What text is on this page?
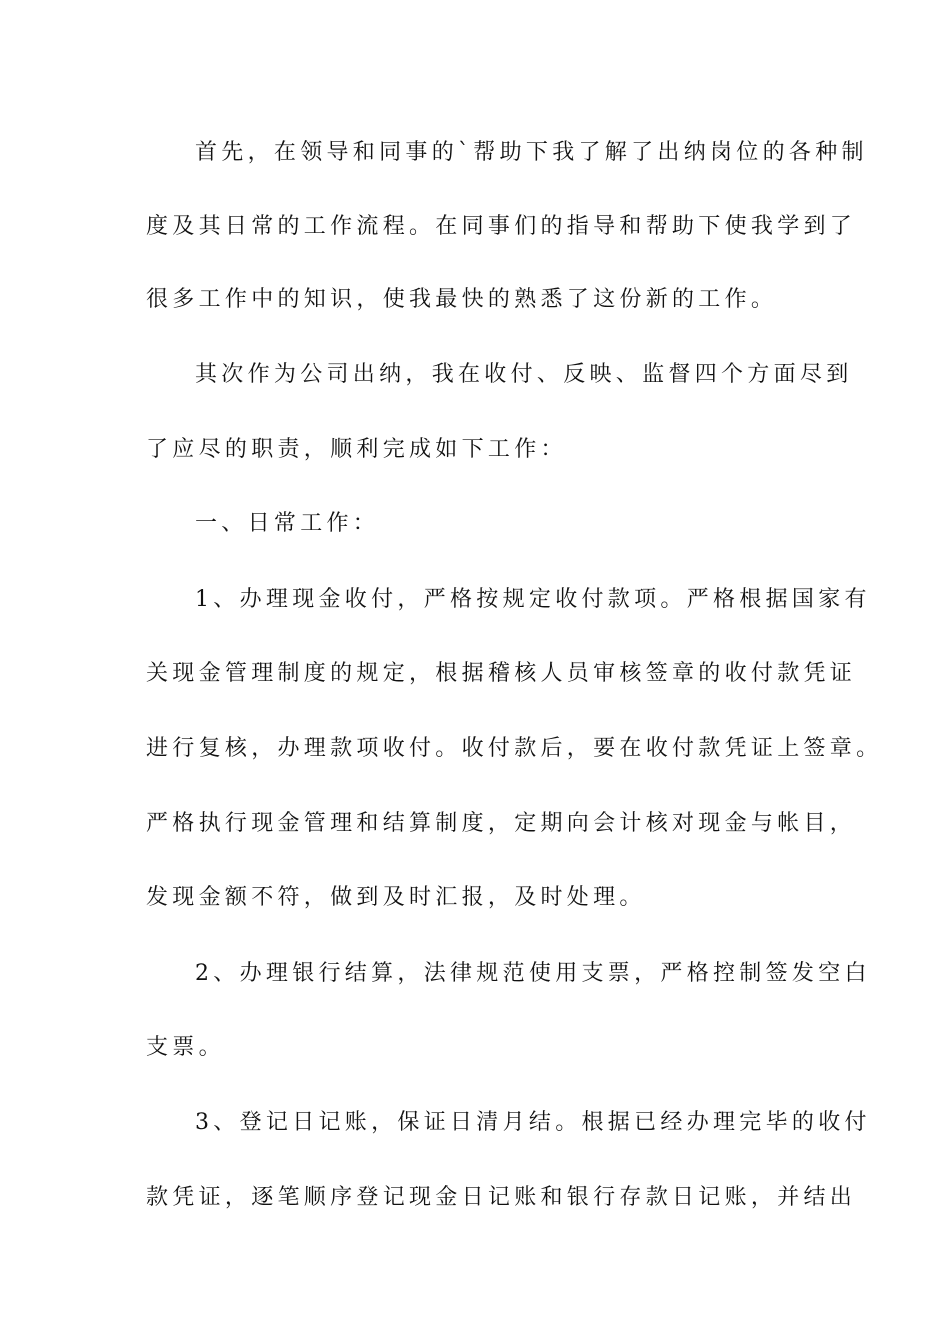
首先，在领导和同事的`帮助下我了解了出纳岗位的各种制
度及其日常的工作流程。在同事们的指导和帮助下使我学到了
很多工作中的知识，使我最快的熟悉了这份新的工作。
其次作为公司出纳，我在收付、反映、监督四个方面尽到
了应尽的职责，顺利完成如下工作：
一、日常工作：
1、办理现金收付，严格按规定收付款项。严格根据国家有
关现金管理制度的规定，根据稽核人员审核签章的收付款凭证
进行复核，办理款项收付。收付款后，要在收付款凭证上签章。
严格执行现金管理和结算制度，定期向会计核对现金与帐目，
发现金额不符，做到及时汇报，及时处理。
2、办理银行结算，法律规范使用支票，严格控制签发空白
支票。
3、登记日记账，保证日清月结。根据已经办理完毕的收付
款凭证，逐笔顺序登记现金日记账和银行存款日记账，并结出
